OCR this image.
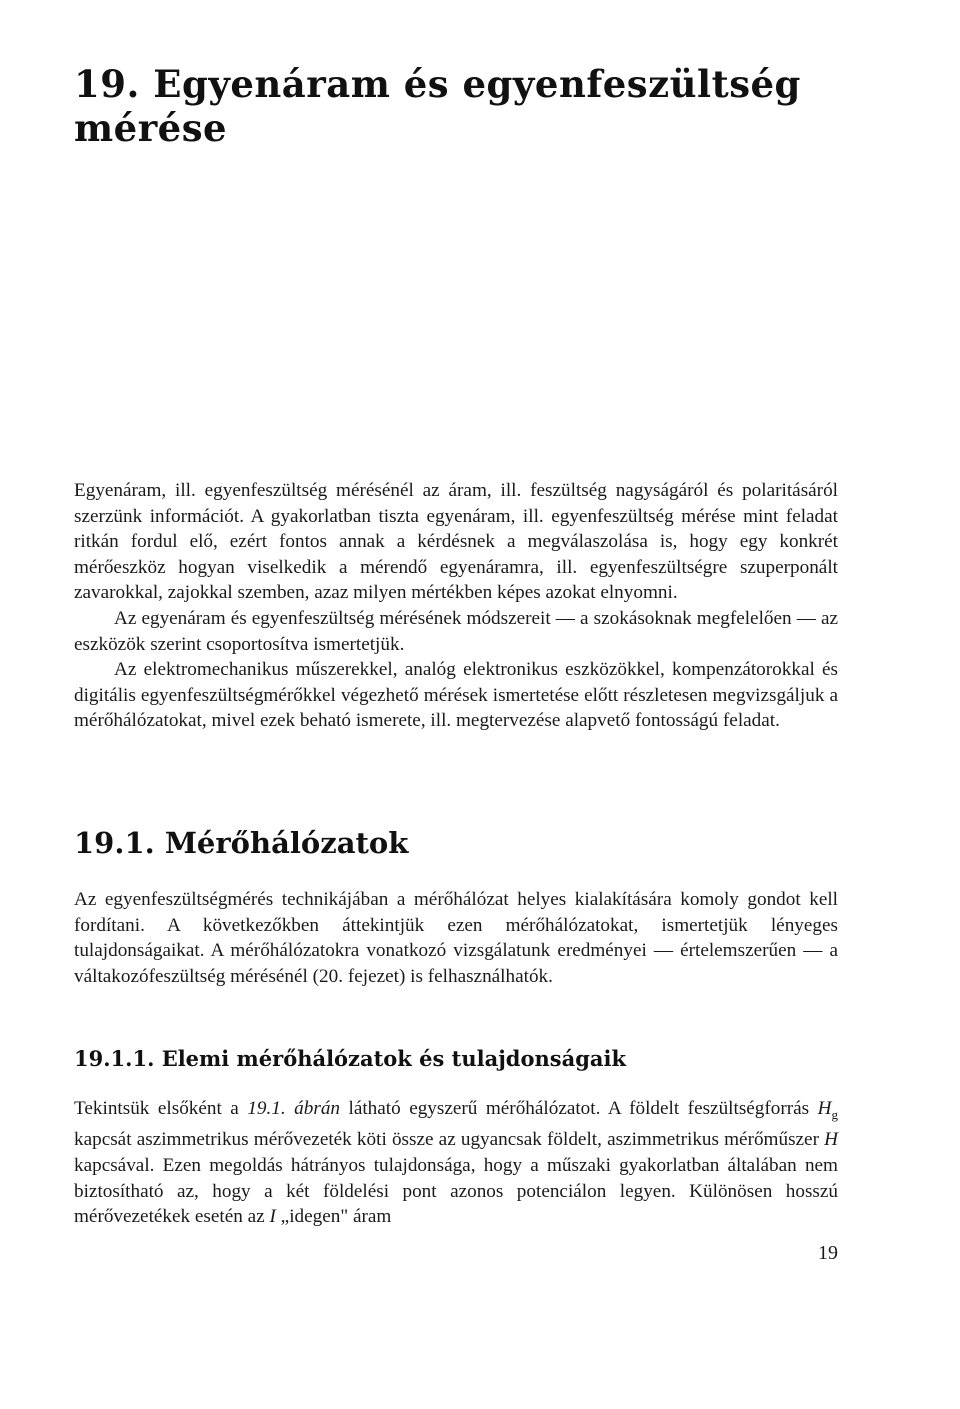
19. Egyenáram és egyenfeszültség mérése

Egyenáram, ill. egyenfeszültség mérésénél az áram, ill. feszültség nagyságáról és polaritásáról szerzünk információt. A gyakorlatban tiszta egyenáram, ill. egyenfeszültség mérése mint feladat ritkán fordul elő, ezért fontos annak a kérdésnek a megválaszolása is, hogy egy konkrét mérőeszköz hogyan viselkedik a mérendő egyenáramra, ill. egyenfeszültségre szuperponált zavarokkal, zajokkal szemben, azaz milyen mértékben képes azokat elnyomni.

Az egyenáram és egyenfeszültség mérésének módszereit — a szokásoknak megfelelően — az eszközök szerint csoportosítva ismertetjük.

Az elektromechanikus műszerekkel, analóg elektronikus eszközökkel, kompenzátorokkal és digitális egyenfeszültségmérőkkel végezhető mérések ismertetése előtt részletesen megvizsgáljuk a mérőhálózatokat, mivel ezek beható ismerete, ill. megtervezése alapvető fontosságú feladat.

19.1. Mérőhálózatok

Az egyenfeszültségmérés technikájában a mérőhálózat helyes kialakítására komoly gondot kell fordítani. A következőkben áttekintjük ezen mérőhálózatokat, ismertetjük lényeges tulajdonságaikat. A mérőhálózatokra vonatkozó vizsgálatunk eredményei — értelemszerűen — a váltakozófeszültség mérésénél (20. fejezet) is felhasználhatók.

19.1.1. Elemi mérőhálózatok és tulajdonságaik

Tekintsük elsőként a 19.1. ábrán látható egyszerű mérőhálózatot. A földelt feszültségforrás $H_g$ kapcsát aszimmetrikus mérővezeték köti össze az ugyancsak földelt, aszimmetrikus mérőműszer H kapcsával. Ezen megoldás hátrányos tulajdonsága, hogy a műszaki gyakorlatban általában nem biztosítható az, hogy a két földelési pont azonos potenciálon legyen. Különösen hosszú mérővezetékek esetén az I „idegen" áram

19
